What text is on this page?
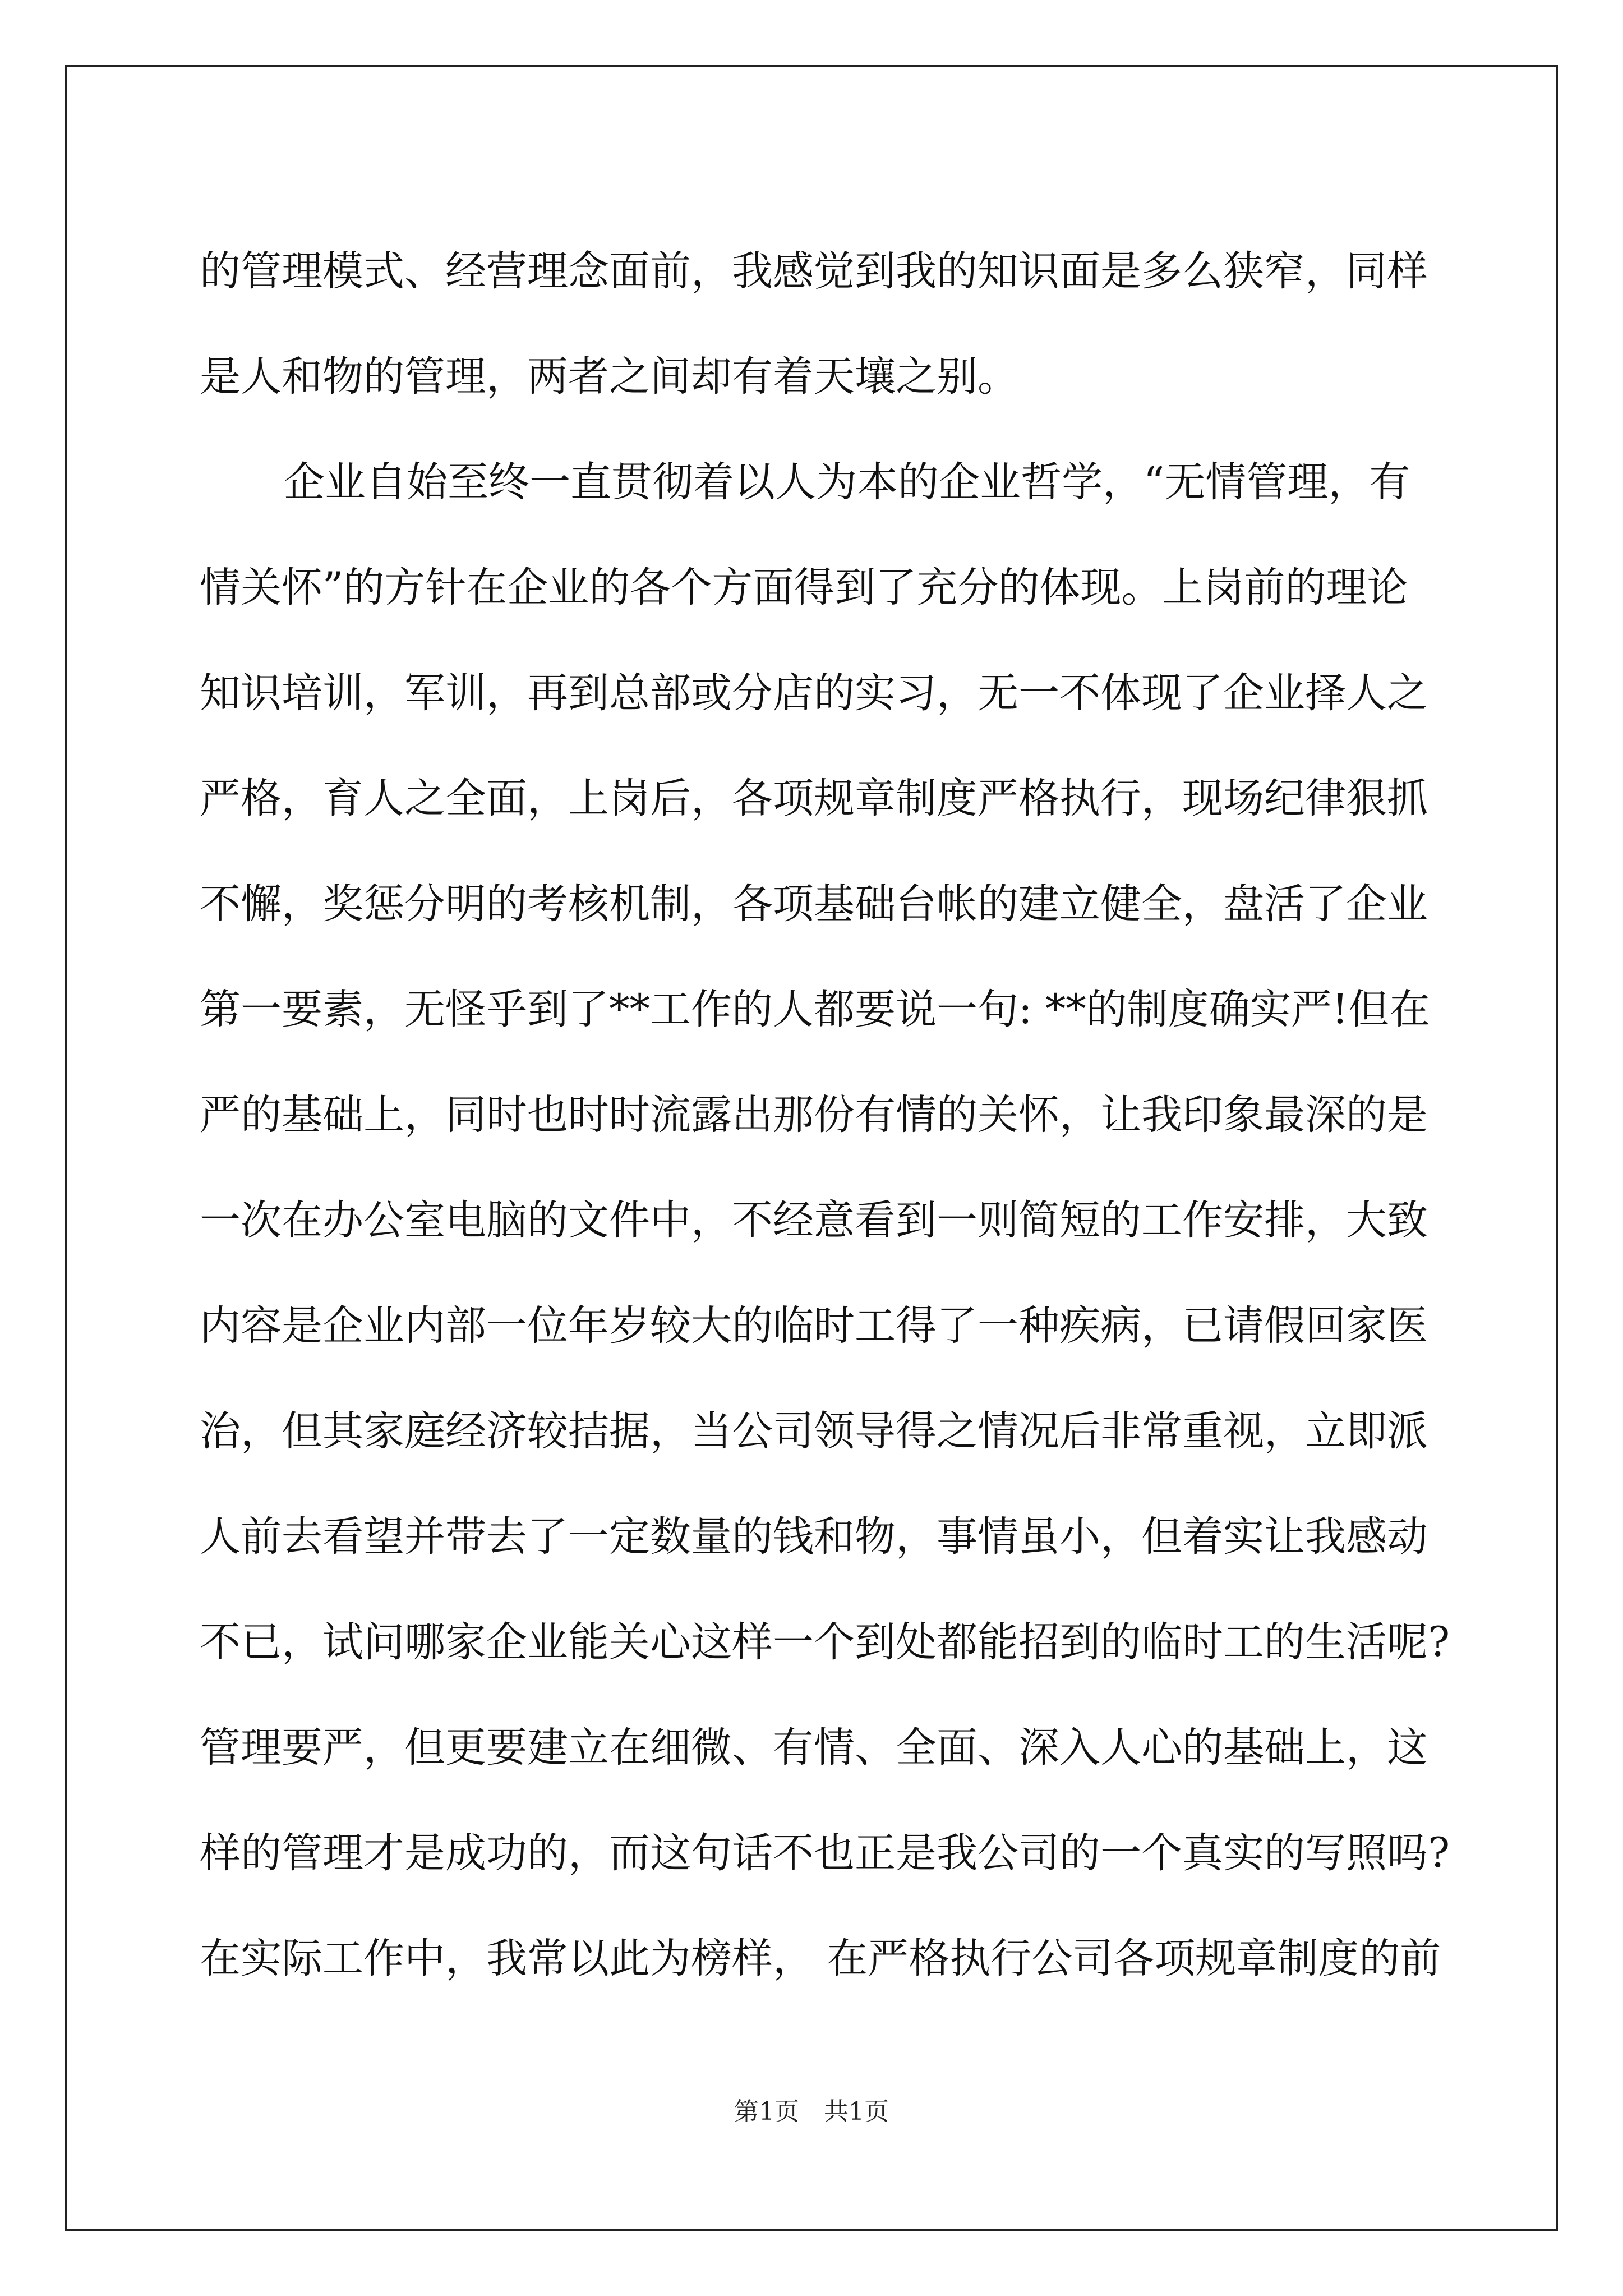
的管理模式、经营理念面前，我感觉到我的知识面是多么狭窄，同样
是人和物的管理，两者之间却有着天壤之别。
企业自始至终一直贯彻着以人为本的企业哲学，“无情管理，有
情关怀”的方针在企业的各个方面得到了充分的体现。上岗前的理论
知识培训，军训，再到总部或分店的实习，无一不体现了企业择人之
严格，育人之全面，上岗后，各项规章制度严格执行，现场纪律狠抓
不懈，奖惩分明的考核机制，各项基础台帐的建立健全，盘活了企业
第一要素，无怪乎到了**工作的人都要说一句: **的制度确实严!但在
严的基础上，同时也时时流露出那份有情的关怀，让我印象最深的是
一次在办公室电脑的文件中，不经意看到一则简短的工作安排，大致
内容是企业内部一位年岁较大的临时工得了一种疾病，已请假回家医
治，但其家庭经济较拮据，当公司领导得之情况后非常重视，立即派
人前去看望并带去了一定数量的钱和物，事情虽小，但着实让我感动
不已，试问哪家企业能关心这样一个到处都能招到的临时工的生活呢?
管理要严，但更要建立在细微、有情、全面、深入人心的基础上，这
样的管理才是成功的，而这句话不也正是我公司的一个真实的写照吗?
在实际工作中，我常以此为榜样， 在严格执行公司各项规章制度的前
第1页　共1页
